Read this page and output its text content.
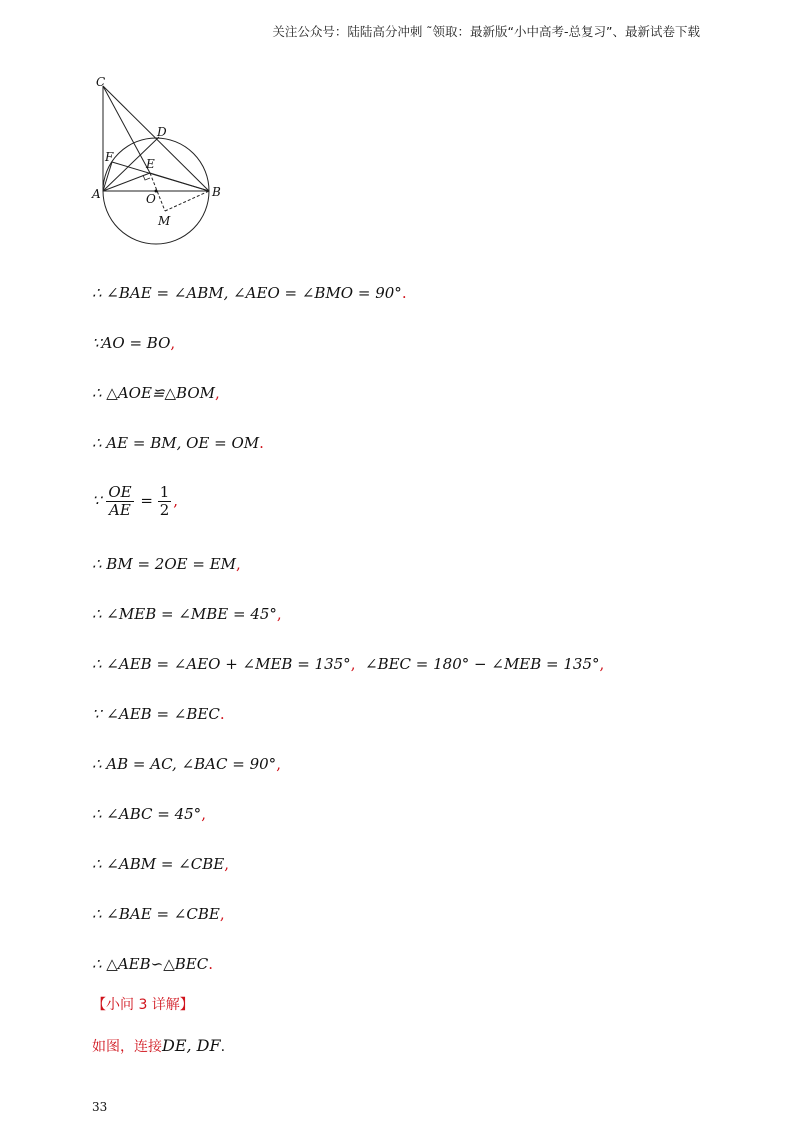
关注公众号：陆陆高分冲刺 ˜领取：最新版“小中高考-总复习”、最新试卷下载
C
D
F	E
A	B
O
M
∴ ∠BAE = ∠ABM, ∠AEO = ∠BMO = 90°.
∵AO = BO,
∴ △AOE≌△BOM,
∴ AE = BM, OE = OM.
∵ $\frac{OE}{AE} = \frac{1}{2}$ ,
∴ BM = 2OE = EM,
∴ ∠MEB = ∠MBE = 45°,
∴ ∠AEB = ∠AEO + ∠MEB = 135°, ∠BEC = 180° − ∠MEB = 135°,
∵ ∠AEB = ∠BEC.
∴ AB = AC, ∠BAC = 90°,
∴ ∠ABC = 45°,
∴ ∠ABM = ∠CBE,
∴ ∠BAE = ∠CBE,
∴ △AEB∽△BEC.
【小问 3 详解】
如图，连接DE, DF.
33
